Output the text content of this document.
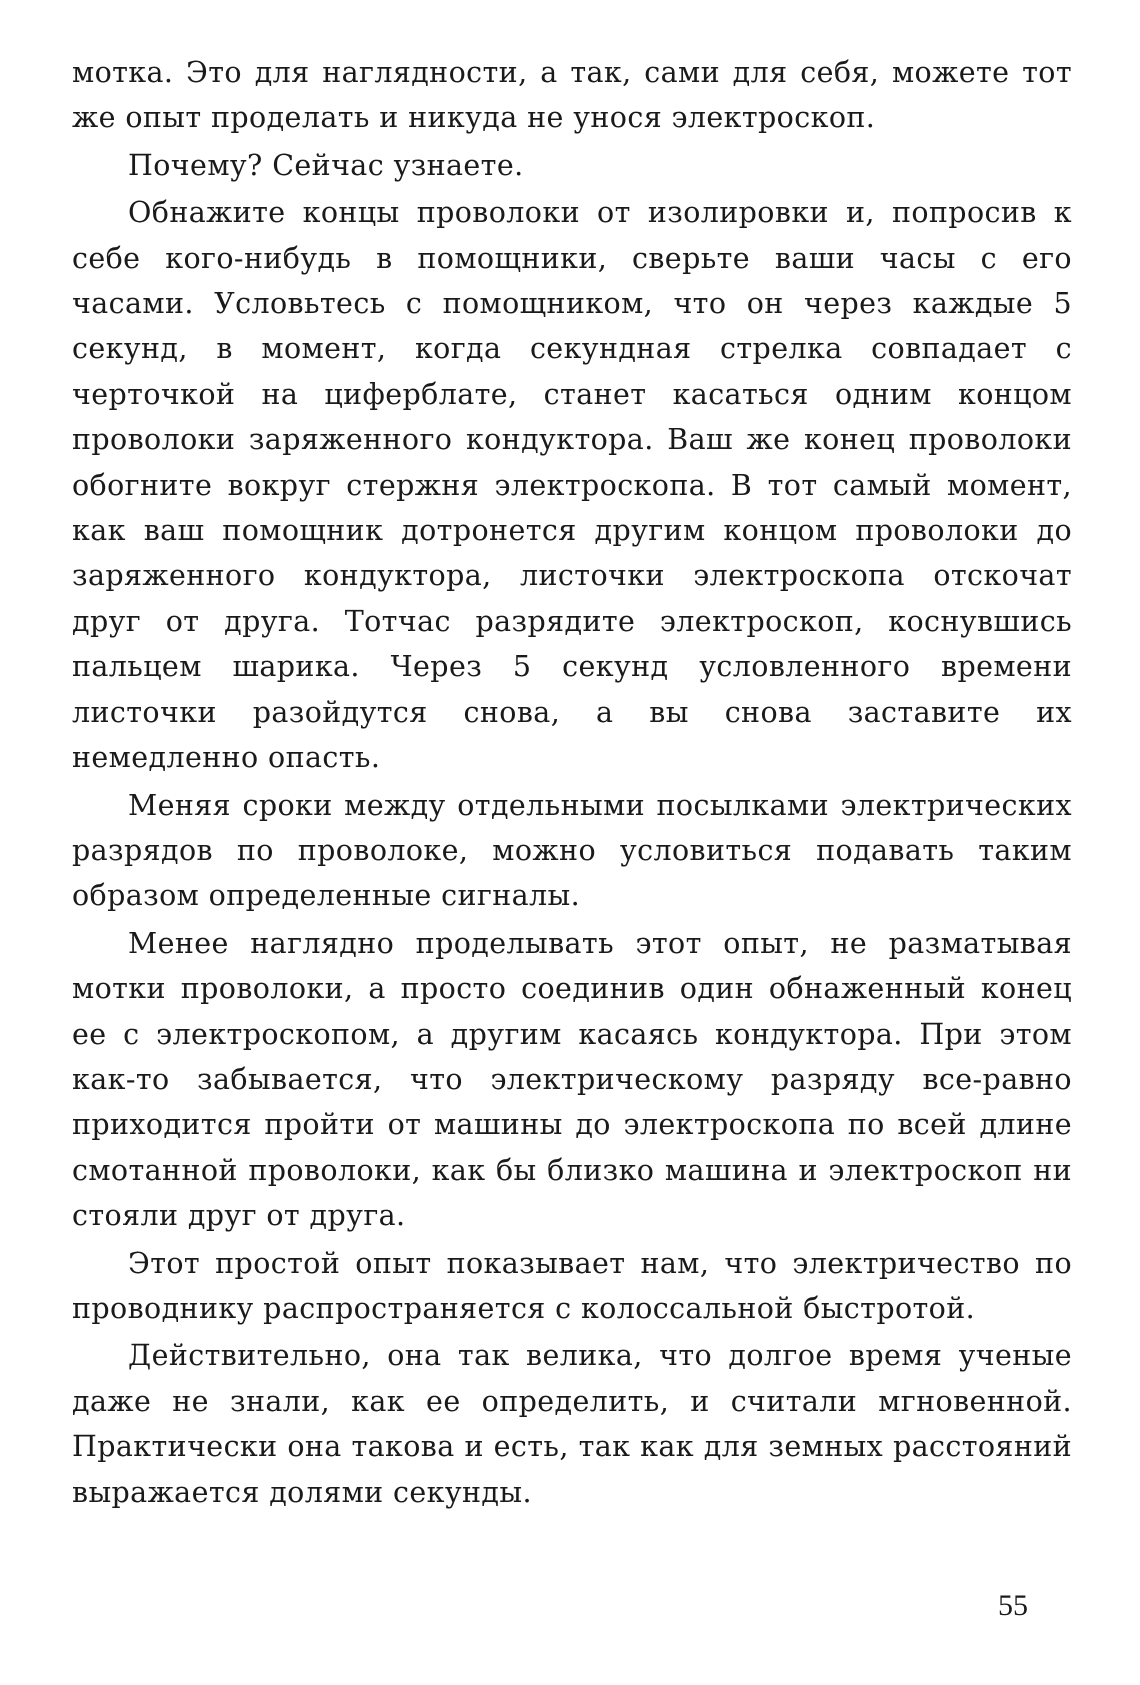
мотка. Это для наглядности, а так, сами для себя, можете тот же опыт проделать и никуда не унося электроскоп.

Почему? Сейчас узнаете.

Обнажите концы проволоки от изолировки и, попросив к себе кого-нибудь в помощники, сверьте ваши часы с его часами. Условьтесь с помощником, что он через каждые 5 секунд, в момент, когда секундная стрелка совпадает с черточкой на циферблате, станет касаться одним концом проволоки заряженного кондуктора. Ваш же конец проволоки обогните вокруг стержня электроскопа. В тот самый момент, как ваш помощник дотронется другим концом проволоки до заряженного кондуктора, листочки электроскопа отскочат друг от друга. Тотчас разрядите электроскоп, коснувшись пальцем шарика. Через 5 секунд условленного времени листочки разойдутся снова, а вы снова заставите их немедленно опасть.

Меняя сроки между отдельными посылками электрических разрядов по проволоке, можно условиться подавать таким образом определенные сигналы.

Менее наглядно проделывать этот опыт, не разматывая мотки проволоки, а просто соединив один обнаженный конец ее с электроскопом, а другим касаясь кондуктора. При этом как-то забывается, что электрическому разряду все-равно приходится пройти от машины до электроскопа по всей длине смотанной проволоки, как бы близко машина и электроскоп ни стояли друг от друга.

Этот простой опыт показывает нам, что электричество по проводнику распространяется с колоссальной быстротой.

Действительно, она так велика, что долгое время ученые даже не знали, как ее определить, и считали мгновенной. Практически она такова и есть, так как для земных расстояний выражается долями секунды.

55
